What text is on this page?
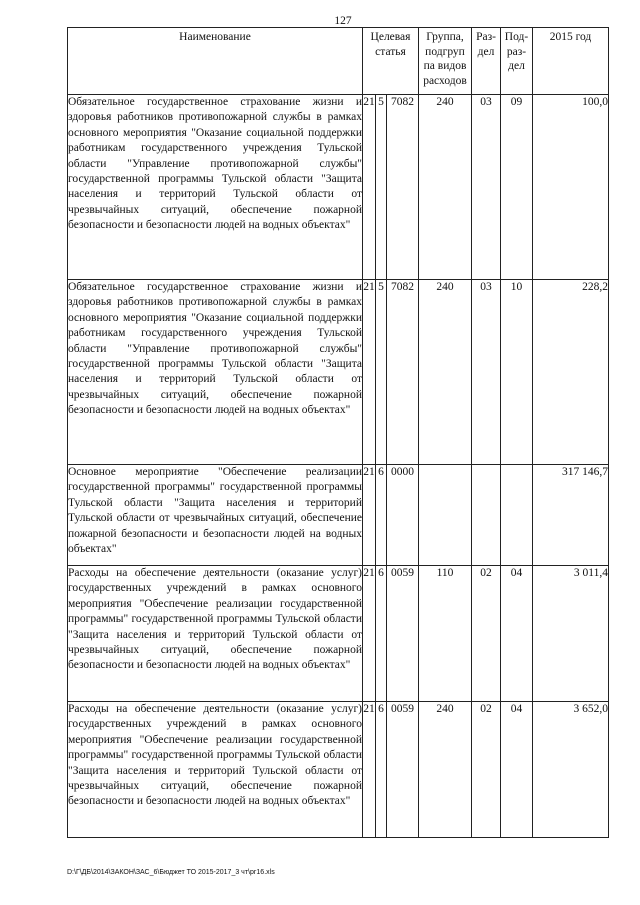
127
Наименование	Целевая статья			Группа, подгруп па видов расходов	Раз- дел	Под- раз- дел	2015 год
Обязательное государственное страхование жизни и здоровья работников противопожарной службы в рамках основного мероприятия "Оказание социальной поддержки работникам государственного учреждения Тульской области "Управление противопожарной службы" государственной программы Тульской области "Защита населения и территорий Тульской области от чрезвычайных ситуаций, обеспечение пожарной безопасности и безопасности людей на водных объектах"	21	5	7082	240	03	09	100,0
Обязательное государственное страхование жизни и здоровья работников противопожарной службы в рамках основного мероприятия "Оказание социальной поддержки работникам государственного учреждения Тульской области "Управление противопожарной службы" государственной программы Тульской области "Защита населения и территорий Тульской области от чрезвычайных ситуаций, обеспечение пожарной безопасности и безопасности людей на водных объектах"	21	5	7082	240	03	10	228,2
Основное мероприятие "Обеспечение реализации государственной программы" государственной программы Тульской области "Защита населения и территорий Тульской области от чрезвычайных ситуаций, обеспечение пожарной безопасности и безопасности людей на водных объектах"	21	6	0000				317 146,7
Расходы на обеспечение деятельности (оказание услуг) государственных учреждений в рамках основного мероприятия "Обеспечение реализации государственной программы" государственной программы Тульской области "Защита населения и территорий Тульской области от чрезвычайных ситуаций, обеспечение пожарной безопасности и безопасности людей на водных объектах"	21	6	0059	110	02	04	3 011,4
Расходы на обеспечение деятельности (оказание услуг) государственных учреждений в рамках основного мероприятия "Обеспечение реализации государственной программы" государственной программы Тульской области "Защита населения и территорий Тульской области от чрезвычайных ситуаций, обеспечение пожарной безопасности и безопасности людей на водных объектах"	21	6	0059	240	02	04	3 652,0
D:\Г\ДБ\2014\ЗАКОН\ЗАС_6\Бюджет ТО 2015-2017_3 чт\рг16.xls
